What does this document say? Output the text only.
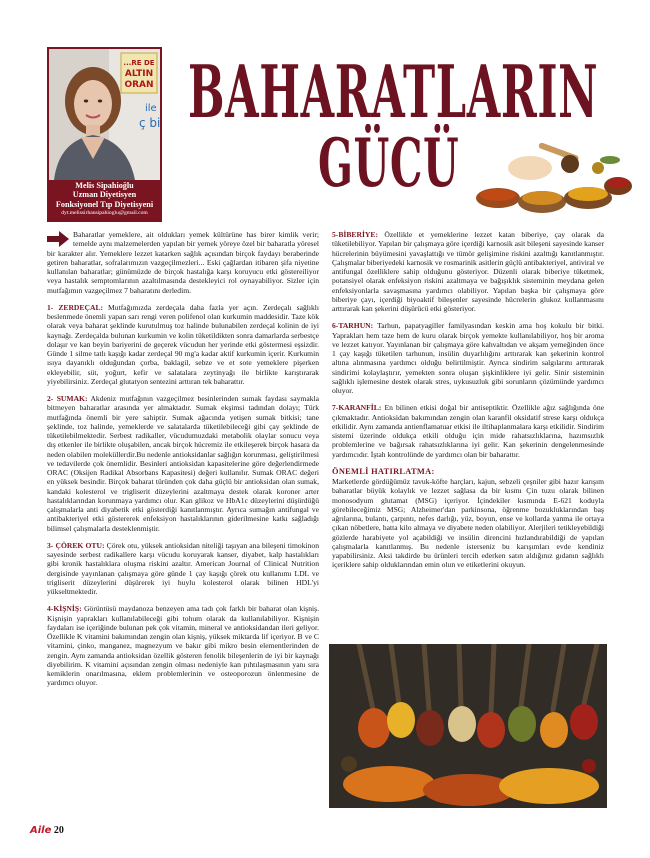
...RE DE
ALTIN
ORAN
ile
ç bi
Melis Sipahioğlu
Uzman Diyetisyen
Fonksiyonel Tıp Diyetisyeni
dyt.melissirhansipahioglu@gmail.com
BAHARATLARIN
GÜCÜ

Baharatlar yemeklere, ait oldukları yemek kültürüne has birer kimlik verir; temelde aynı malzemelerden yapılan bir yemek yöreye özel bir baharatla yöresel bir karakter alır. Yemeklere lezzet katarken sağlık açısından birçok faydayı beraberinde getiren baharatlar, sofralarımızın vazgeçilmezleri... Eski çağlardan itibaren şifa niyetine kullanılan baharatlar; günümüzde de birçok hastalığa karşı koruyucu etki göstereiliyor veya hastalık semptomlarının azaltılmasında destekleyici rol oynayabiliyor. Sizler için mutfağımın vazgeçilmez 7 baharatını derledim.

1- ZERDEÇAL: Mutfağımızda zerdeçala daha fazla yer açın. Zerdeçalı sağlıklı beslenmede önemli yapan sarı rengi veren polifenol olan kurkumin maddesidir. Taze kök olarak veya baharat şeklinde kurutulmuş toz halinde bulunabilen zerdeçal kolinin de iyi kaynağı. Zerdeçalda bulunan kurkumin ve kolin tüketildikten sonra damarlarda serbestçe dolaşır ve kan beyin bariyerini de geçerek vücudun her yerinde etki gösterme​si eşsizdir. Günde 1 silme tatlı kaşığı kadar zerdeçal 90 mg'a kadar aktif kurkumin içerir. Kurkumin ısıya dayanıklı olduğundan çorba, baklagil, sebze ve et sote yemeklere pişerken ekleyebilir, süt, yoğurt, kefir ve salatalara zeytinyağı ile birlikte karıştırarak yiyebilirsiniz. Zerdeçal glutatyon sentezini arttıran tek baharattır.

2- SUMAK: Akdeniz mutfağının vazgeçilmez besinlerinden sumak faydası saymakla bitmeyen baharatlar arasında yer almaktadır. Sumak ekşimsi tadından dolayı; Türk mutfağında önemli bir yere sahiptir. Sumak ağacında yetişen sumak bitkisi; tane şeklinde, toz halinde, yemeklerde ve salatalarda tüketilebileceği gibi çay şeklinde de tüketilebilmektedir. Serbest radikaller, vücudumuzdaki metabolik olaylar sonucu veya dış etkenler ile birlikte oluşabilen, ancak birçok hücremiz ile etkileşerek birçok hasara da neden olabilen moleküllerdir.Bu nedenle antioksidanlar sağlığın korunması, geliştirilmesi ve tedavilerde çok önemlidir. Besinleri antioksidan kapasitelerine göre değerlendirmede ORAC (Oksijen Radikal Absorbans Kapasitesi) değeri kullanılır. Sumak ORAC değeri en yüksek besindir. Birçok baharat türünden çok daha güçlü bir antioksidan olan sumak, kandaki kolesterol ve trigliserit düzeylerini azaltmaya destek olarak koroner arter hastalıklarından korunmaya yardımcı olur. Kan glikoz ve HbA1c düzeylerini düşürdüğü çalışmalarla anti diyabetik etki gösterdiği kanıtlanmıştır. Ayrıca sumağın antifungal ve antibakteriyel etki göstererek enfeksiyon hastalıklarının giderilmesine katkı sağladığı bilimsel çalışmalarla desteklenmiştir.

3- ÇÖREK OTU: Çörek otu, yüksek antioksidan niteliği taşıyan ana bileşeni timokinon sayesinde serbest radikallere karşı vücudu koruyarak kanser, diyabet, kalp hastalıkları gibi kronik hastalıklara oluşma riskini azaltır. American Journal of Clinical Nutrition dergisinde yayınlanan çalışmaya göre günde 1 çay kaşığı çörek otu kullanımı LDL ve trigliserit düzeylerini düşürerek iyi huylu kolesterol olarak bilinen HDL'yi yükseltmektedir.

4-KİŞNİŞ: Görüntüsü maydanoza benzeyen ama tadı çok farklı bir baharat olan kişniş. Kişnişin yaprakları kullanılabileceği gibi tohum olarak da kullanılabiliyor. Kişnişin faydaları ise içeriğinde bulunan pek çok vitamin, mineral ve antioksidandan ileri geliyor. Özellikle K vitamini bakımından zengin olan kişniş, yüksek miktarda lif içeriyor. B ve C vitamini, çinko, manganez, magnezyum ve bakır gibi mikro besin elementlerinden de zengin. Aynı zamanda antioksidan özellik gösteren fenolik bileşenlerin de iyi bir kaynağı diyebilirim. K vitamini açısından zengin olması nedeniyle kan pıhtılaşmasının yanı sıra kemiklerin onarılmasına, eklem problemlerinin ve osteoporozun önlenmesine de yardımcı oluyor.

5-BİBERİYE: Özellikle et yemeklerine lezzet katan biberiye, çay olarak da tüketilebiliyor. Yapılan bir çalışmaya göre içerdiği karnosik asit bileşeni sayesinde kanser hücrelerinin büyümesini yavaşlattığı ve tümör gelişimine riskini azalttığı kanıtlanmıştır. Çalışmalar biberiyedeki karnosik ve rosmarinik asitlerin güçlü antibakteriyel, antiviral ve antifungal özelliklere sahip olduğunu gösteriyor. Düzenli olarak biberiye tüketmek, potansiyel olarak enfeksiyon riskini azaltmaya ve bağışıklık sisteminin meydana gelen enfeksiyonlarla savaşmasına yardımcı olabiliyor. Yapılan başka bir çalışmaya göre biberiye çayı, içerdiği biyoaktif bileşenler sayesinde hücrelerin glukoz kullanmasını arttırarak kan şekerini düşürücü etki gösteriyor.

6-TARHUN: Tarhun, papatyagiller familyasından keskin ama hoş kokulu bir bitki. Yaprakları hem taze hem de kuru olarak birçok yemekte kullanılabiliyor, hoş bir aroma ve lezzet katıyor. Yayınlanan bir çalışmaya göre kahvaltıdan ve akşam yemeğinden önce 1 çay kaşığı tüketilen tarhunun, insülin duyarlılığını arttırarak kan şekerinin kontrol altına alınmasına yardımcı olduğu belirtilmiştir. Ayrıca sindirim salgılarını arttırarak sindirimi kolaylaştırır, yemekten sonra oluşan şişkinliklere iyi gelir. Sinir sisteminin sağlıklı işlemesine destek olarak stres, uykusuzluk gibi sorunların çözümünde yardımcı oluyor.

7-KARANFİL: En bilinen etkisi doğal bir antiseptiktir. Özellikle ağız sağlığında öne çıkmaktadır. Antioksidan bakımından zengin olan karanfil oksidatif strese karşı oldukça etkilidir. Aynı zamanda antienflamatuar etkisi ile iltihaplanmalara karşı etkilidir. Sindirim sistemi üzerinde oldukça etkili olduğu için mide rahatsızlıklarına, hazımsızlık problemlerine ve bağırsak rahatsızlıklarına iyi gelir. Kan şekerinin dengelenmesinde yardımcıdır. İştah kontrolünde de yardımcı olan bir baharattır.

ÖNEMLİ HATIRLATMA:
Marketlerde gördüğümüz tavuk-köfte harçları, kajun, sebzeli çeşniler gibi hazır karışım baharatlar büyük kolaylık ve lezzet sağlasa da bir kısmı Çin tuzu olarak bilinen monosodyum glutamat (MSG) içeriyor. İçindekiler kısmında E-621 koduyla görebileceğimiz MSG; Alzheimer'dan parkinsona, öğrenme bozukluklarından baş ağrılarına, bulantı, çarpıntı, nefes darlığı, yüz, boyun, ense ve kollarda yanma ile ortaya çıkan nöbetlere, hatta kilo almaya ve diyabete neden olabiliyor. Alerjileri tetikleyebildiği gözlerde harabiyete yol açabildiği ve insülin direncini hızlandırabildiği de yapılan çalışmalarla kanıtlanmış. Bu nedenle isterseniz bu karışımları evde kendiniz yapabilirsiniz. Aksi takdirde bu ürünleri tercih ederken satın aldığınız gıdanın sağlıklı içeriklere sahip olduklarından emin olun ve etiketlerini okuyun.

Aile 20
